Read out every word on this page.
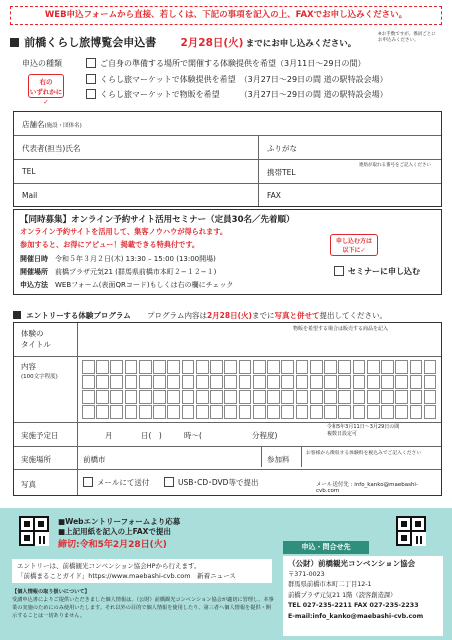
WEB申込フォームから直接、若しくは、下記の事項を記入の上、FAXでお申し込みください。
前橋くらし旅博覧会申込書 2月28日(火) までにお申し込みください。
※お手数ですが、係員ごとにお申込みください。
申込の種類
右の
いずれかに✓
ご自身の準備する場所で開催する体験提供を希望（3月11日〜29日の間）
くらし旅マーケットで体験提供を希望　（3月27日〜29日の間 道の駅特設会場）
くらし旅マーケットで物販を希望　　　（3月27日〜29日の間 道の駅特設会場）
店舗名(施設・団体名)
代表者(担当)氏名	ふりがな
TEL	携帯TEL
連絡が取れる番号をご記入ください
Mail	FAX
【同時募集】オンライン予約サイト活用セミナー（定員30名／先着順）
オンライン予約サイトを活用して、集客ノウハウが得られます。
参加すると、お得にアピュー！掲載できる特典付です。
開催日時　 令和５年３月２日(木) 13:30 – 15:00 (13:00開場)
開催場所　 前橋プラザ元気21 (群馬県前橋市本町２−１２−１)
申込方法　 WEBフォーム(表面QRコード)もしくは右の欄にチェック
申し込む方は
以下に✓
セミナーに申し込む
エントリーする体験プログラム プログラム内容は2月28日(火)までに写真と併せて提出してください。
体験の
タイトル
物販を希望する場合は販売する商品を記入
内容
(100文字程度)
実施予定日	月	日(　)	時〜(	分程度)
令和5年3月11日〜3月29日の間
複数日設定可
実施場所	前橋市	参加料
お客様から徴収する体験料を税込みでご記入ください
写真	メールにて送付	USB･CD･DVD等で提出	メール送付先 : info_kanko@maebashi-cvb.com
■Webエントリーフォームより応募
■上記用紙を記入の上FAXで提出
締切:令和5年2月28日(火)
エントリーは、前橋観光コンベンション協会HPから行えます。
「前橋まることガイド」https://www.maebashi-cvb.com　新着ニュース
【個人情報の取り扱いについて】
受講申込書によりご提供いただきました個人情報は、（公財）前橋観光コンベンション協会が適切に管理し、本事業の実施のためにのみ使用いたします。それ以外の目的で個人情報を使用したり、第三者へ個人情報を提供・開示することは一切ありません。
申込・問合せ先
（公財）前橋観光コンベンション協会
〒371-0023
群馬県前橋市本町二丁目12-1
前橋プラザ元気21 1階（読客創造課）
TEL 027-235-2211 FAX 027-235-2233
E-mail:info_kanko@maebashi-cvb.com
